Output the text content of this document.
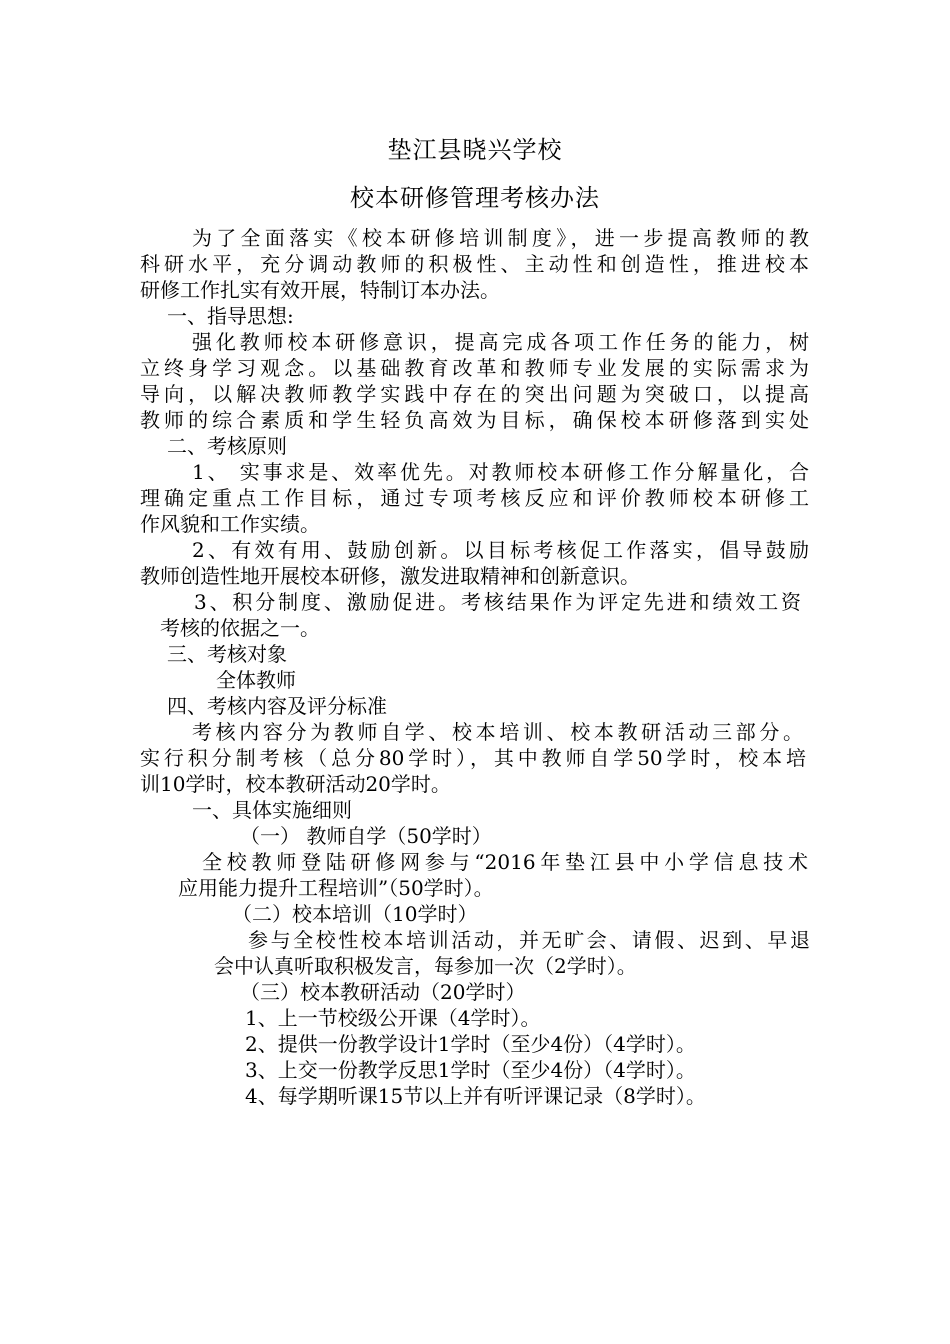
垫江县晓兴学校
校本研修管理考核办法
为了全面落实《校本研修培训制度》，进一步提高教师的教
科研水平，充分调动教师的积极性、主动性和创造性，推进校本
研修工作扎实有效开展，特制订本办法。
一、指导思想:
强化教师校本研修意识，提高完成各项工作任务的能力，树
立终身学习观念。以基础教育改革和教师专业发展的实际需求为
导向，以解决教师教学实践中存在的突出问题为突破口，以提高
教师的综合素质和学生轻负高效为目标，确保校本研修落到实处
二、考核原则
1、 实事求是、效率优先。对教师校本研修工作分解量化，合
理确定重点工作目标，通过专项考核反应和评价教师校本研修工
作风貌和工作实绩。
2、有效有用、鼓励创新。以目标考核促工作落实，倡导鼓励
教师创造性地开展校本研修，激发进取精神和创新意识。
3、积分制度、激励促进。考核结果作为评定先进和绩效工资
考核的依据之一。
三、考核对象
全体教师
四、考核内容及评分标准
考核内容分为教师自学、校本培训、校本教研活动三部分。
实行积分制考核（总分80学时），其中教师自学50学时，校本培
训10学时，校本教研活动20学时。
一、具体实施细则
（一） 教师自学（50学时）
全校教师登陆研修网参与“2016年垫江县中小学信息技术
应用能力提升工程培训”（50学时）。
（二）校本培训（10学时）
参与全校性校本培训活动，并无旷会、请假、迟到、早退
会中认真听取积极发言，每参加一次（2学时）。
（三）校本教研活动（20学时）
1、上一节校级公开课（4学时）。
2、提供一份教学设计1学时（至少4份）（4学时）。
3、上交一份教学反思1学时（至少4份）（4学时）。
4、每学期听课15节以上并有听评课记录（8学时）。
